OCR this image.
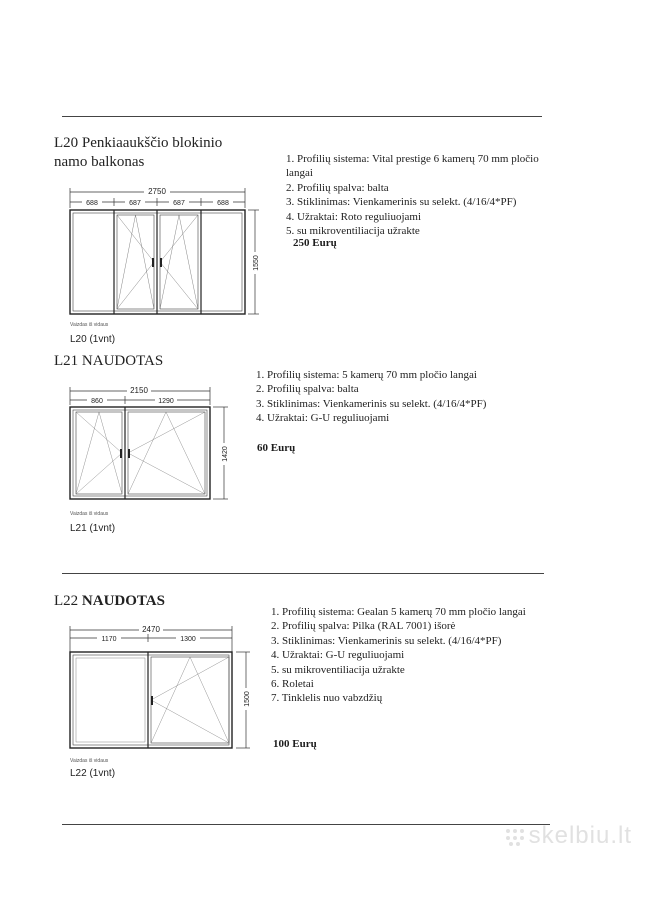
L20 Penkiaaukščio blokinio
namo balkonas	1. Profilių sistema: Vital prestige 6 kamerų 70 mm pločio
langai
2. Profilių spalva: balta
3. Stiklinimas: Vienkamerinis su selekt. (4/16/4*PF)
4. Užraktai: Roto reguliuojami
5. su mikroventiliacija užrakte
250 Eurų
2750
688	687	687	688
1550
Vaizdas iš vidaus
L20 (1vnt)
L21 NAUDOTAS
1. Profilių sistema: 5 kamerų 70 mm pločio langai
2. Profilių spalva: balta
3. Stiklinimas: Vienkamerinis su selekt. (4/16/4*PF)
4. Užraktai: G-U reguliuojami
60 Eurų
2150
860	1290
1420
Vaizdas iš vidaus
L21 (1vnt)
L22 NAUDOTAS
1. Profilių sistema: Gealan 5 kamerų 70 mm pločio langai
2. Profilių spalva: Pilka (RAL 7001) išorė
3. Stiklinimas: Vienkamerinis su selekt. (4/16/4*PF)
4. Užraktai: G-U reguliuojami
5. su mikroventiliacija užrakte
6. Roletai
7. Tinklelis nuo vabzdžių
100 Eurų
2470
1170	1300
1500
Vaizdas iš vidaus
L22 (1vnt)
skelbiu.lt
